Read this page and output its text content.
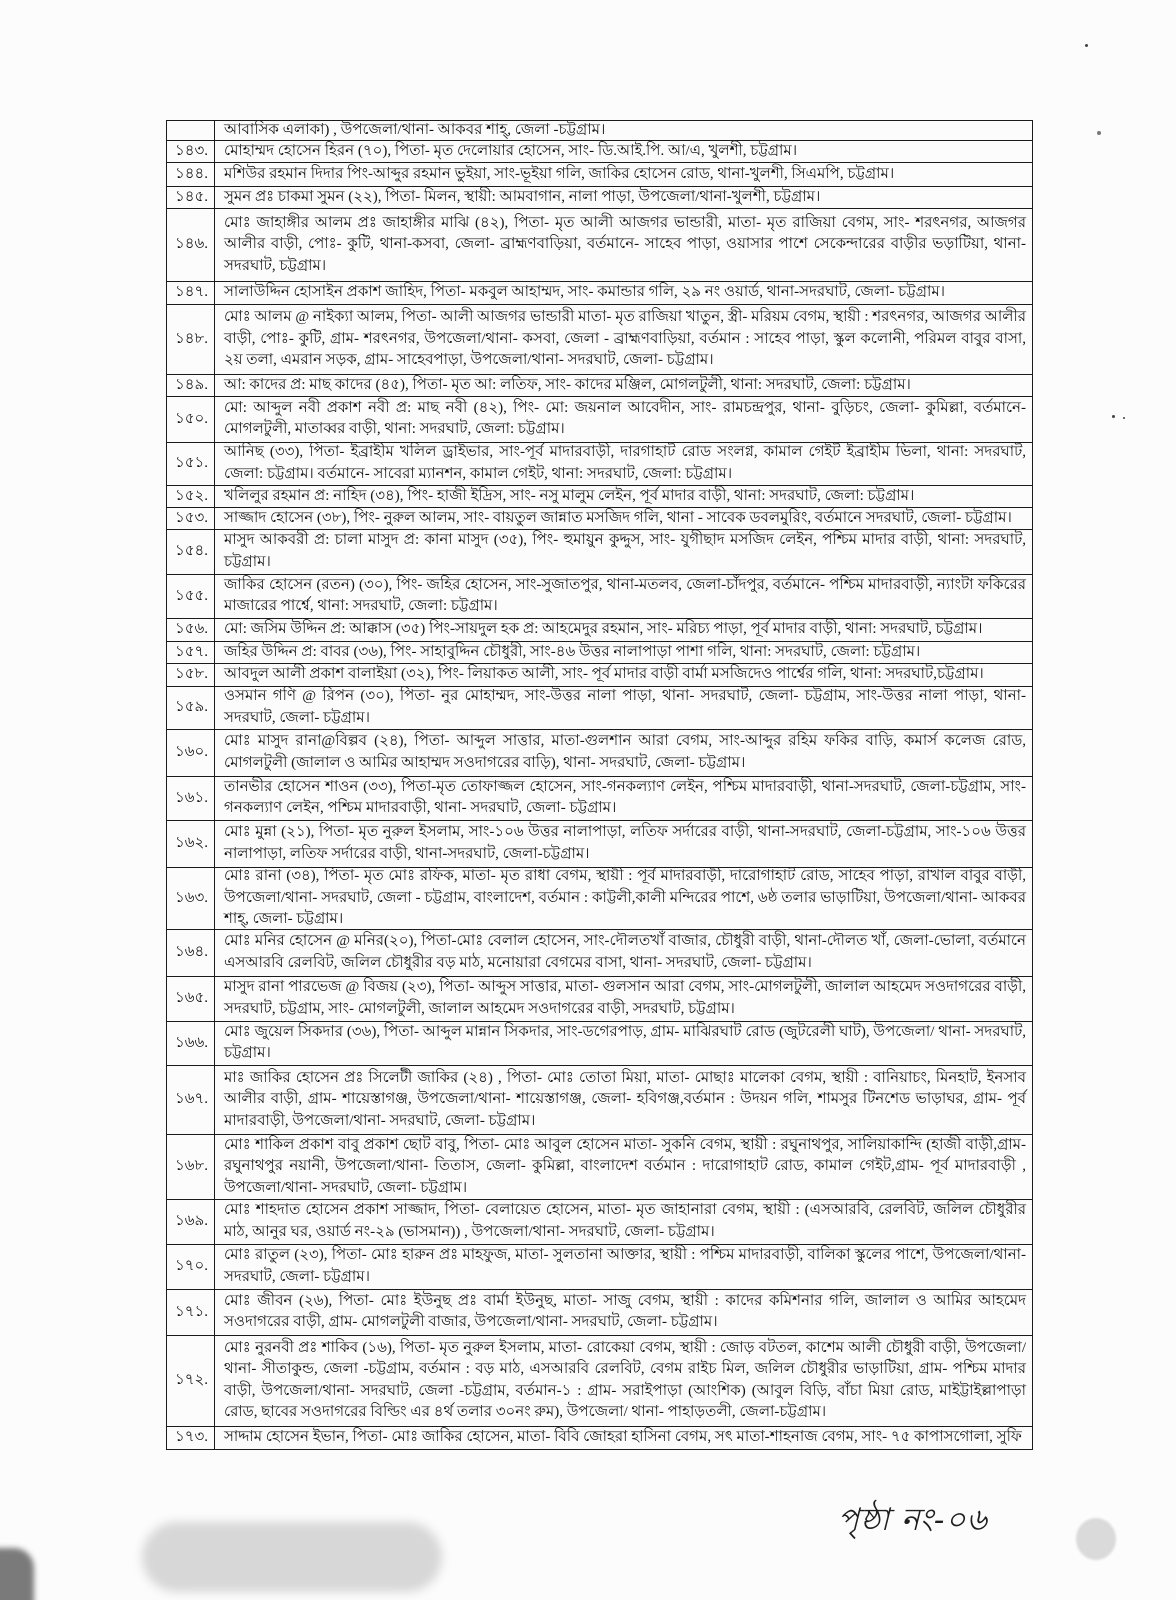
	আবাসিক এলাকা) , উপজেলা/থানা- আকবর শাহ্, জেলা -চট্টগ্রাম।

১৪৩.	মোহাম্মদ হোসেন হিরন (৭০), পিতা- মৃত দেলোয়ার হোসেন, সাং- ডি.আই.পি. আ/এ, খুলশী, চট্টগ্রাম।

১৪৪.	মশিউর রহমান দিদার পিং-আব্দুর রহমান ভুইয়া, সাং-ভূইয়া গলি, জাকির হোসেন রোড, থানা-খুলশী, সিএমপি, চট্টগ্রাম।

১৪৫.	সুমন প্রঃ চাকমা সুমন (২২), পিতা- মিলন, স্থায়ী: আমবাগান, নালা পাড়া, উপজেলা/থানা-খুলশী, চট্টগ্রাম।

১৪৬.	মোঃ জাহাঙ্গীর আলম প্রঃ জাহাঙ্গীর মাঝি (৪২), পিতা- মৃত আলী আজগর ভান্ডারী, মাতা- মৃত রাজিয়া বেগম, সাং- শরৎনগর, আজগর আলীর বাড়ী, পোঃ- কুটি, থানা-কসবা, জেলা- ব্রাহ্মণবাড়িয়া, বর্তমানে- সাহেব পাড়া, ওয়াসার পাশে সেকেন্দারের বাড়ীর ভড়াটিয়া, থানা- সদরঘাট, চট্টগ্রাম।

১৪৭.	সালাউদ্দিন হোসাইন প্রকাশ জাহিদ, পিতা- মকবুল আহাম্মদ, সাং- কমান্ডার গলি, ২৯ নং ওয়ার্ড, থানা-সদরঘাট, জেলা- চট্টগ্রাম।

১৪৮.	মোঃ আলম @ নাইক্যা আলম, পিতা- আলী আজগর ভান্ডারী মাতা- মৃত রাজিয়া খাতুন, স্ত্রী- মরিয়ম বেগম, স্থায়ী : শরৎনগর, আজগর আলীর বাড়ী, পোঃ- কুটি, গ্রাম- শরৎনগর, উপজেলা/থানা- কসবা, জেলা - ব্রাহ্মণবাড়িয়া, বর্তমান : সাহেব পাড়া, স্কুল কলোনী, পরিমল বাবুর বাসা, ২য় তলা, এমরান সড়ক, গ্রাম- সাহেবপাড়া, উপজেলা/থানা- সদরঘাট, জেলা- চট্টগ্রাম।

১৪৯.	আ: কাদের প্র: মাছ কাদের (৪৫), পিতা- মৃত আ: লতিফ, সাং- কাদের মঞ্জিল, মোগলটুলী, থানা: সদরঘাট, জেলা: চট্টগ্রাম।

১৫০.	মো: আব্দুল নবী প্রকাশ নবী প্র: মাছ নবী (৪২), পিং- মো: জয়নাল আবেদীন, সাং- রামচন্দ্রপুর, থানা- বুড়িচং, জেলা- কুমিল্লা, বর্তমানে- মোগলটুলী, মাতাব্বর বাড়ী, থানা: সদরঘাট, জেলা: চট্টগ্রাম।

১৫১.	আনিছ (৩৩), পিতা- ইব্রাহীম খলিল ড্রাইভার, সাং-পূর্ব মাদারবাড়ী, দারগাহাট রোড সংলগ্ন, কামাল গেইট ইব্রাহীম ভিলা, থানা: সদরঘাট, জেলা: চট্টগ্রাম। বর্তমানে- সাবেরা ম্যানশন, কামাল গেইট, থানা: সদরঘাট, জেলা: চট্টগ্রাম।

১৫২.	খলিলুর রহমান প্র: নাহিদ (৩৪), পিং- হাজী ইদ্রিস, সাং- নসু মালুম লেইন, পূর্ব মাদার বাড়ী, থানা: সদরঘাট, জেলা: চট্টগ্রাম।

১৫৩.	সাজ্জাদ হোসেন (৩৮), পিং- নুরুল আলম, সাং- বায়তুল জান্নাত মসজিদ গলি, থানা - সাবেক ডবলমুরিং, বর্তমানে সদরঘাট, জেলা- চট্টগ্রাম।

১৫৪.	মাসুদ আকবরী প্র: চালা মাসুদ প্র: কানা মাসুদ (৩৫), পিং- হুমায়ুন কুদ্দুস, সাং- যুগীছাদ মসজিদ লেইন, পশ্চিম মাদার বাড়ী, থানা: সদরঘাট, চট্টগ্রাম।

১৫৫.	জাকির হোসেন (রতন) (৩০), পিং- জহির হোসেন, সাং-সুজাতপুর, থানা-মতলব, জেলা-চাঁদপুর, বর্তমানে- পশ্চিম মাদারবাড়ী, ন্যাংটা ফকিরের মাজারের পার্শ্বে, থানা: সদরঘাট, জেলা: চট্টগ্রাম।

১৫৬.	মো: জসিম উদ্দিন প্র: আক্কাস (৩৫) পিং-সায়দুল হক প্র: আহমেদুর রহমান, সাং- মরিচ্য পাড়া, পূর্ব মাদার বাড়ী, থানা: সদরঘাট, চট্টগ্রাম।

১৫৭.	জহির উদ্দিন প্র: বাবর (৩৬), পিং- সাহাবুদ্দিন চৌধুরী, সাং-৪৬ উত্তর নালাপাড়া পাশা গলি, থানা: সদরঘাট, জেলা: চট্টগ্রাম।

১৫৮.	আবদুল আলী প্রকাশ বালাইয়া (৩২), পিং- লিয়াকত আলী, সাং- পূর্ব মাদার বাড়ী বার্মা মসজিদেও পার্শ্বের গলি, থানা: সদরঘাট,চট্টগ্রাম।

১৫৯.	ওসমান গণি @ রিপন (৩০), পিতা- নুর মোহাম্মদ, সাং-উত্তর নালা পাড়া, থানা- সদরঘাট, জেলা- চট্টগ্রাম, সাং-উত্তর নালা পাড়া, থানা- সদরঘাট, জেলা- চট্টগ্রাম।

১৬০.	মোঃ মাসুদ রানা@বিল্পব (২৪), পিতা- আব্দুল সাত্তার, মাতা-গুলশান আরা বেগম, সাং-আব্দুর রহিম ফকির বাড়ি, কমার্স কলেজ রোড, মোগলটুলী (জালাল ও আমির আহাম্মদ সওদাগরের বাড়ি), থানা- সদরঘাট, জেলা- চট্টগ্রাম।

১৬১.	তানভীর হোসেন শাওন (৩৩), পিতা-মৃত তোফাজ্জল হোসেন, সাং-গনকল্যাণ লেইন, পশ্চিম মাদারবাড়ী, থানা-সদরঘাট, জেলা-চট্টগ্রাম, সাং- গনকল্যাণ লেইন, পশ্চিম মাদারবাড়ী, থানা- সদরঘাট, জেলা- চট্টগ্রাম।

১৬২.	মোঃ মুন্না (২১), পিতা- মৃত নুরুল ইসলাম, সাং-১০৬ উত্তর নালাপাড়া, লতিফ সর্দারের বাড়ী, থানা-সদরঘাট, জেলা-চট্টগ্রাম, সাং-১০৬ উত্তর নালাপাড়া, লতিফ সর্দারের বাড়ী, থানা-সদরঘাট, জেলা-চট্টগ্রাম।

১৬৩.	মোঃ রানা (৩৪), পিতা- মৃত মোঃ রফিক, মাতা- মৃত রাধা বেগম, স্থায়ী : পূর্ব মাদারবাড়ী, দারোগাহাট রোড, সাহেব পাড়া, রাখাল বাবুর বাড়ী, উপজেলা/থানা- সদরঘাট, জেলা - চট্টগ্রাম, বাংলাদেশ, বর্তমান : কাট্টলী,কালী মন্দিরের পাশে, ৬ষ্ঠ তলার ভাড়াটিয়া, উপজেলা/থানা- আকবর শাহ্, জেলা- চট্টগ্রাম।

১৬৪.	মোঃ মনির হোসেন @ মনির(২০), পিতা-মোঃ বেলাল হোসেন, সাং-দৌলতখাঁ বাজার, চৌধুরী বাড়ী, থানা-দৌলত খাঁ, জেলা-ভোলা, বর্তমানে এসআরবি রেলবিট, জলিল চৌধুরীর বড় মাঠ, মনোয়ারা বেগমের বাসা, থানা- সদরঘাট, জেলা- চট্টগ্রাম।

১৬৫.	মাসুদ রানা পারভেজ @ বিজয় (২৩), পিতা- আব্দুস সাত্তার, মাতা- গুলসান আরা বেগম, সাং-মোগলটুলী, জালাল আহমেদ সওদাগরের বাড়ী, সদরঘাট, চট্টগ্রাম, সাং- মোগলটুলী, জালাল আহমেদ সওদাগরের বাড়ী, সদরঘাট, চট্টগ্রাম।

১৬৬.	মোঃ জুয়েল সিকদার (৩৬), পিতা- আব্দুল মান্নান সিকদার, সাং-ডগেরপাড়, গ্রাম- মাঝিরঘাট রোড (জুটরেলী ঘাট), উপজেলা/ থানা- সদরঘাট, চট্টগ্রাম।

১৬৭.	মাঃ জাকির হোসেন প্রঃ সিলেটী জাকির (২৪) , পিতা- মোঃ তোতা মিয়া, মাতা- মোছাঃ মালেকা বেগম, স্থায়ী : বানিয়াচং, মিনহাট, ইনসাব আলীর বাড়ী, গ্রাম- শায়েস্তাগঞ্জ, উপজেলা/থানা- শায়েস্তাগঞ্জ, জেলা- হবিগঞ্জ,বর্তমান : উদয়ন গলি, শামসুর টিনশেড ভাড়াঘর, গ্রাম- পূর্ব মাদারবাড়ী, উপজেলা/থানা- সদরঘাট, জেলা- চট্টগ্রাম।

১৬৮.	মোঃ শাকিল প্রকাশ বাবু প্রকাশ ছোট বাবু, পিতা- মোঃ আবুল হোসেন মাতা- সুকনি বেগম, স্থায়ী : রঘুনাথপুর, সালিয়াকান্দি (হাজী বাড়ী,গ্রাম- রঘুনাথপুর নয়ানী, উপজেলা/থানা- তিতাস, জেলা- কুমিল্লা, বাংলাদেশ বর্তমান : দারোগাহাট রোড, কামাল গেইট,গ্রাম- পূর্ব মাদারবাড়ী , উপজেলা/থানা- সদরঘাট, জেলা- চট্টগ্রাম।

১৬৯.	মোঃ শাহদাত হোসেন প্রকাশ সাজ্জাদ, পিতা- বেলায়েত হোসেন, মাতা- মৃত জাহানারা বেগম, স্থায়ী : (এসআরবি, রেলবিট, জলিল চৌধুরীর মাঠ, আনুর ঘর, ওয়ার্ড নং-২৯ (ভাসমান)) , উপজেলা/থানা- সদরঘাট, জেলা- চট্টগ্রাম।

১৭০.	মোঃ রাতুল (২৩), পিতা- মোঃ হারুন প্রঃ মাহফুজ, মাতা- সুলতানা আক্তার, স্থায়ী : পশ্চিম মাদারবাড়ী, বালিকা স্কুলের পাশে, উপজেলা/থানা- সদরঘাট, জেলা- চট্টগ্রাম।

১৭১.	মোঃ জীবন (২৬), পিতা- মোঃ ইউনুছ প্রঃ বার্মা ইউনুছ, মাতা- সাজু বেগম, স্থায়ী : কাদের কমিশনার গলি, জালাল ও আমির আহমেদ সওদাগরের বাড়ী, গ্রাম- মোগলটুলী বাজার, উপজেলা/থানা- সদরঘাট, জেলা- চট্টগ্রাম।

১৭২.	মোঃ নুরনবী প্রঃ শাকিব (১৬), পিতা- মৃত নুরুল ইসলাম, মাতা- রোকেয়া বেগম, স্থায়ী : জোড় বটতল, কাশেম আলী চৌধুরী বাড়ী, উপজেলা/থানা- সীতাকুন্ড, জেলা -চট্টগ্রাম, বর্তমান : বড় মাঠ, এসআরবি রেলবিট, বেগম রাইচ মিল, জলিল চৌধুরীর ভাড়াটিয়া, গ্রাম- পশ্চিম মাদার বাড়ী, উপজেলা/থানা- সদরঘাট, জেলা -চট্টগ্রাম, বর্তমান-১ : গ্রাম- সরাইপাড়া (আংশিক) (আবুল বিড়ি, বাঁচা মিয়া রোড, মাইট্টাইল্লাপাড়া রোড, ছাবের সওদাগরের বিল্ডিং এর ৪র্থ তলার ৩০নং রুম), উপজেলা/ থানা- পাহাড়তলী, জেলা-চট্টগ্রাম।

১৭৩.	সাদ্দাম হোসেন ইভান, পিতা- মোঃ জাকির হোসেন, মাতা- বিবি জোহরা হাসিনা বেগম, সৎ মাতা-শাহনাজ বেগম, সাং- ৭৫ কাপাসগোলা, সুফি
পৃষ্ঠা নং-০৬
